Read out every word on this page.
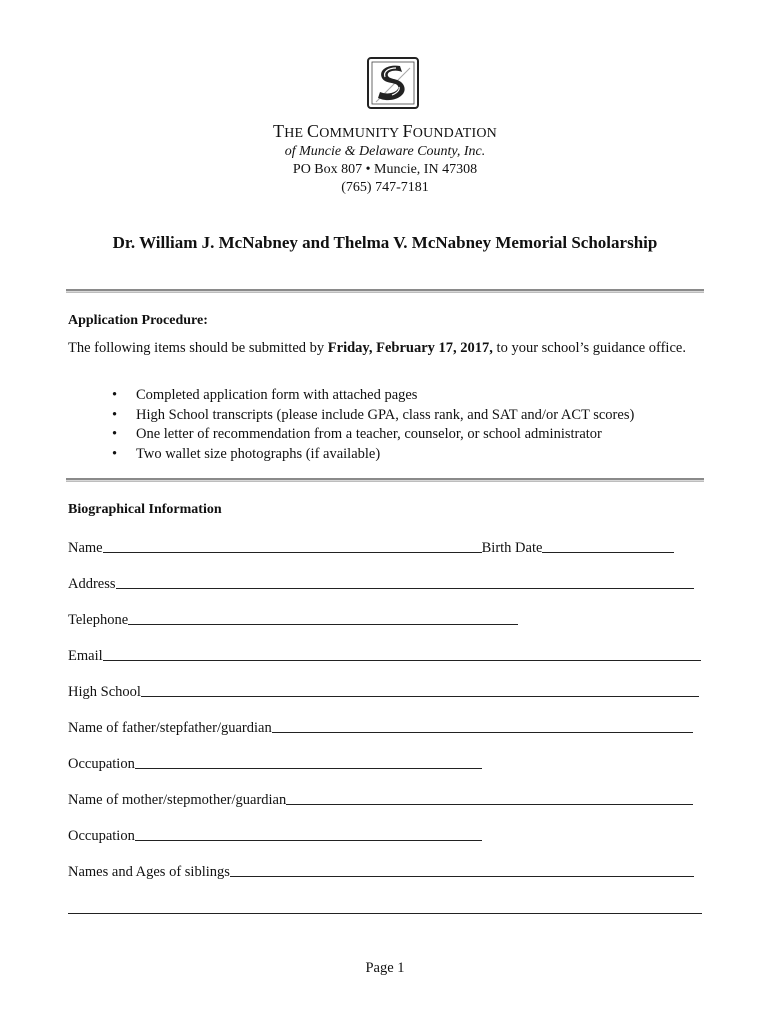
THE COMMUNITY FOUNDATION
of Muncie & Delaware County, Inc.
PO Box 807 • Muncie, IN 47308
(765) 747-7181
Dr. William J. McNabney and Thelma V. McNabney Memorial Scholarship
Application Procedure:
The following items should be submitted by Friday, February 17, 2017, to your school’s guidance office.
• Completed application form with attached pages
• High School transcripts (please include GPA, class rank, and SAT and/or ACT scores)
• One letter of recommendation from a teacher, counselor, or school administrator
• Two wallet size photographs (if available)
Biographical Information
Name	Birth Date
Address
Telephone
Email
High School
Name of father/stepfather/guardian
Occupation
Name of mother/stepmother/guardian
Occupation
Names and Ages of siblings
Page 1
